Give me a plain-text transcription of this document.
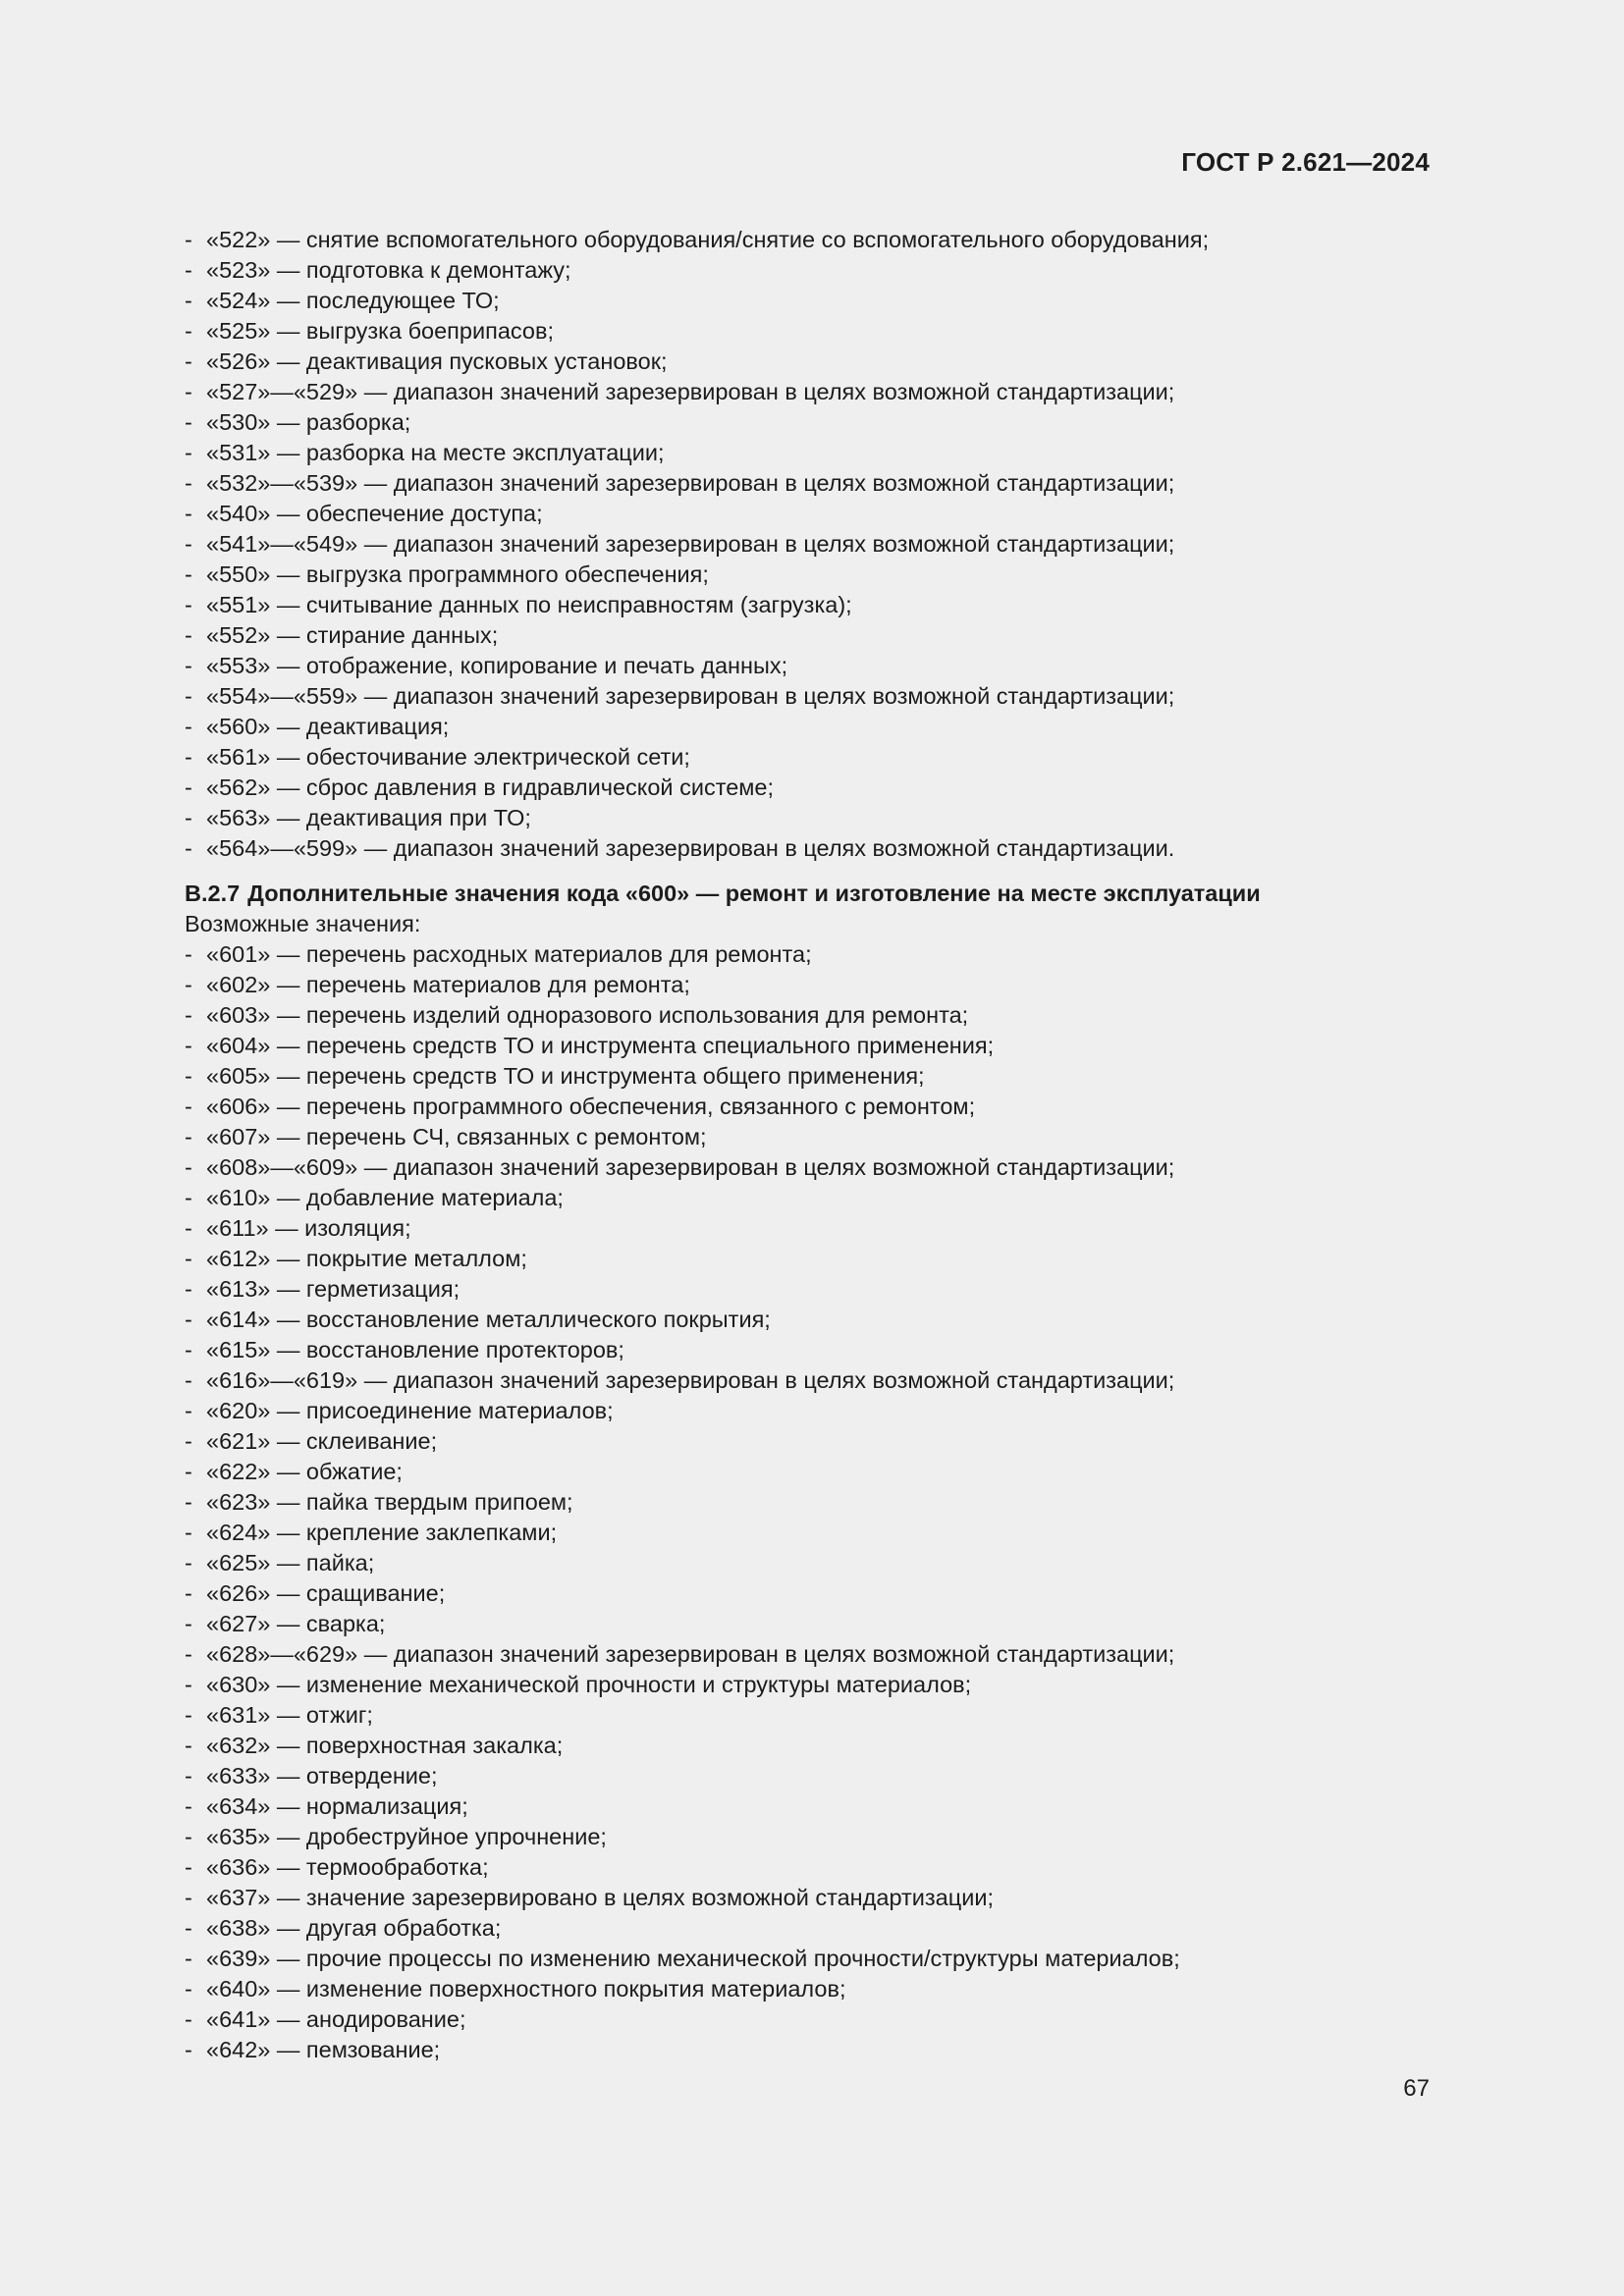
ГОСТ Р 2.621—2024
- «522» — снятие вспомогательного оборудования/снятие со вспомогательного оборудования;
- «523» — подготовка к демонтажу;
- «524» — последующее ТО;
- «525» — выгрузка боеприпасов;
- «526» — деактивация пусковых установок;
- «527»—«529» — диапазон значений зарезервирован в целях возможной стандартизации;
- «530» — разборка;
- «531» — разборка на месте эксплуатации;
- «532»—«539» — диапазон значений зарезервирован в целях возможной стандартизации;
- «540» — обеспечение доступа;
- «541»—«549» — диапазон значений зарезервирован в целях возможной стандартизации;
- «550» — выгрузка программного обеспечения;
- «551» — считывание данных по неисправностям (загрузка);
- «552» — стирание данных;
- «553» — отображение, копирование и печать данных;
- «554»—«559» — диапазон значений зарезервирован в целях возможной стандартизации;
- «560» — деактивация;
- «561» — обесточивание электрической сети;
- «562» — сброс давления в гидравлической системе;
- «563» — деактивация при ТО;
- «564»—«599» — диапазон значений зарезервирован в целях возможной стандартизации.
В.2.7 Дополнительные значения кода «600» — ремонт и изготовление на месте эксплуатации
Возможные значения:
- «601» — перечень расходных материалов для ремонта;
- «602» — перечень материалов для ремонта;
- «603» — перечень изделий одноразового использования для ремонта;
- «604» — перечень средств ТО и инструмента специального применения;
- «605» — перечень средств ТО и инструмента общего применения;
- «606» — перечень программного обеспечения, связанного с ремонтом;
- «607» — перечень СЧ, связанных с ремонтом;
- «608»—«609» — диапазон значений зарезервирован в целях возможной стандартизации;
- «610» — добавление материала;
- «611» — изоляция;
- «612» — покрытие металлом;
- «613» — герметизация;
- «614» — восстановление металлического покрытия;
- «615» — восстановление протекторов;
- «616»—«619» — диапазон значений зарезервирован в целях возможной стандартизации;
- «620» — присоединение материалов;
- «621» — склеивание;
- «622» — обжатие;
- «623» — пайка твердым припоем;
- «624» — крепление заклепками;
- «625» — пайка;
- «626» — сращивание;
- «627» — сварка;
- «628»—«629» — диапазон значений зарезервирован в целях возможной стандартизации;
- «630» — изменение механической прочности и структуры материалов;
- «631» — отжиг;
- «632» — поверхностная закалка;
- «633» — отвердение;
- «634» — нормализация;
- «635» — дробеструйное упрочнение;
- «636» — термообработка;
- «637» — значение зарезервировано в целях возможной стандартизации;
- «638» — другая обработка;
- «639» — прочие процессы по изменению механической прочности/структуры материалов;
- «640» — изменение поверхностного покрытия материалов;
- «641» — анодирование;
- «642» — пемзование;
67
